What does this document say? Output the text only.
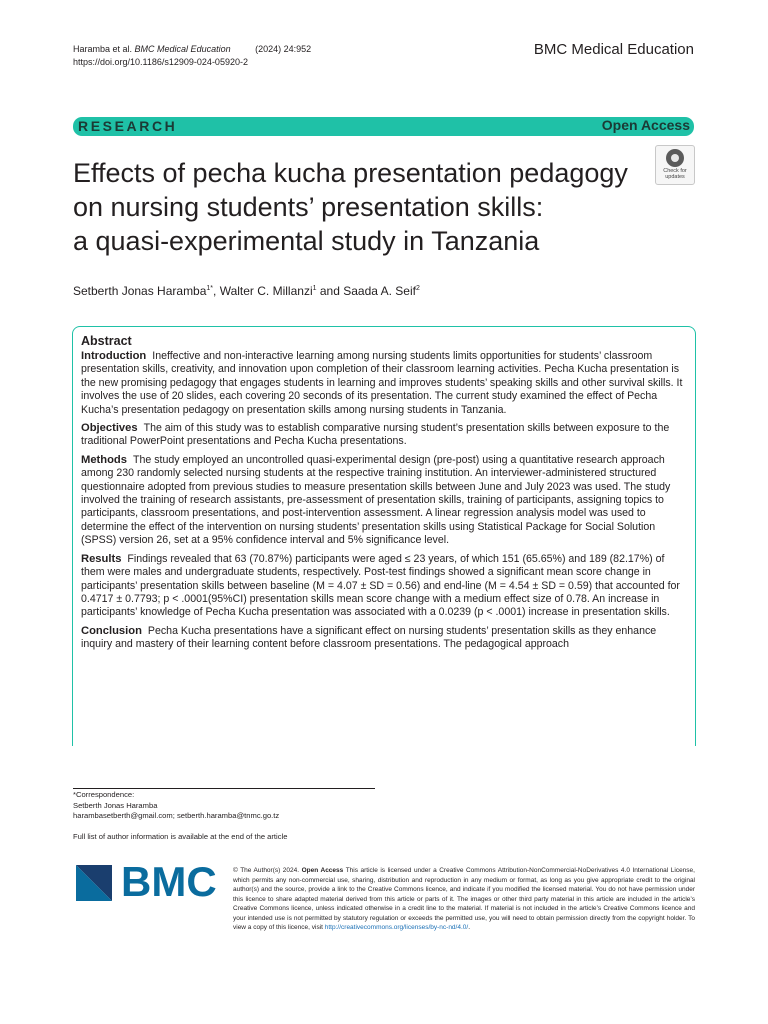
Haramba et al. BMC Medical Education	(2024) 24:952
https://doi.org/10.1186/s12909-024-05920-2
BMC Medical Education
RESEARCH	Open Access
Check for
updates
Effects of pecha kucha presentation pedagogy
on nursing students’ presentation skills:
a quasi-experimental study in Tanzania
Setberth Jonas Haramba$^{1*}$, Walter C. Millanzi$^1$ and Saada A. Seif$^2$
Abstract

Introduction Ineffective and non-interactive learning among nursing students limits opportunities for students’ classroom presentation skills, creativity, and innovation upon completion of their classroom learning activities. Pecha Kucha presentation is the new promising pedagogy that engages students in learning and improves students’ speaking skills and other survival skills. It involves the use of 20 slides, each covering 20 seconds of its presentation. The current study examined the effect of Pecha Kucha’s presentation pedagogy on presentation skills among nursing students in Tanzania.

Objectives The aim of this study was to establish comparative nursing student’s presentation skills between exposure to the traditional PowerPoint presentations and Pecha Kucha presentations.

Methods The study employed an uncontrolled quasi-experimental design (pre-post) using a quantitative research approach among 230 randomly selected nursing students at the respective training institution. An interviewer-administered structured questionnaire adopted from previous studies to measure presentation skills between June and July 2023 was used. The study involved the training of research assistants, pre-assessment of presentation skills, training of participants, assigning topics to participants, classroom presentations, and post-intervention assessment. A linear regression analysis model was used to determine the effect of the intervention on nursing students’ presentation skills using Statistical Package for Social Solution (SPSS) version 26, set at a 95% confidence interval and 5% significance level.

Results Findings revealed that 63 (70.87%) participants were aged ≤ 23 years, of which 151 (65.65%) and 189 (82.17%) of them were males and undergraduate students, respectively. Post-test findings showed a significant mean score change in participants’ presentation skills between baseline (M = 4.07 ± SD = 0.56) and end-line (M = 4.54 ± SD = 0.59) that accounted for 0.4717 ± 0.7793; p < .0001(95%CI) presentation skills mean score change with a medium effect size of 0.78. An increase in participants’ knowledge of Pecha Kucha presentation was associated with a 0.0239 (p < .0001) increase in presentation skills.

Conclusion Pecha Kucha presentations have a significant effect on nursing students’ presentation skills as they enhance inquiry and mastery of their learning content before classroom presentations. The pedagogical approach

*Correspondence:
Setberth Jonas Haramba
harambasetberth@gmail.com; setberth.haramba@tnmc.go.tz
Full list of author information is available at the end of the article
BMC	© The Author(s) 2024. Open Access This article is licensed under a Creative Commons Attribution-NonCommercial-NoDerivatives 4.0 International License, which permits any non-commercial use, sharing, distribution and reproduction in any medium or format, as long as you give appropriate credit to the original author(s) and the source, provide a link to the Creative Commons licence, and indicate if you modified the licensed material. You do not have permission under this licence to share adapted material derived from this article or parts of it. The images or other third party material in this article are included in the article’s Creative Commons licence, unless indicated otherwise in a credit line to the material. If material is not included in the article’s Creative Commons licence and your intended use is not permitted by statutory regulation or exceeds the permitted use, you will need to obtain permission directly from the copyright holder. To view a copy of this licence, visit http://creativecommons.org/licenses/by-nc-nd/4.0/.
